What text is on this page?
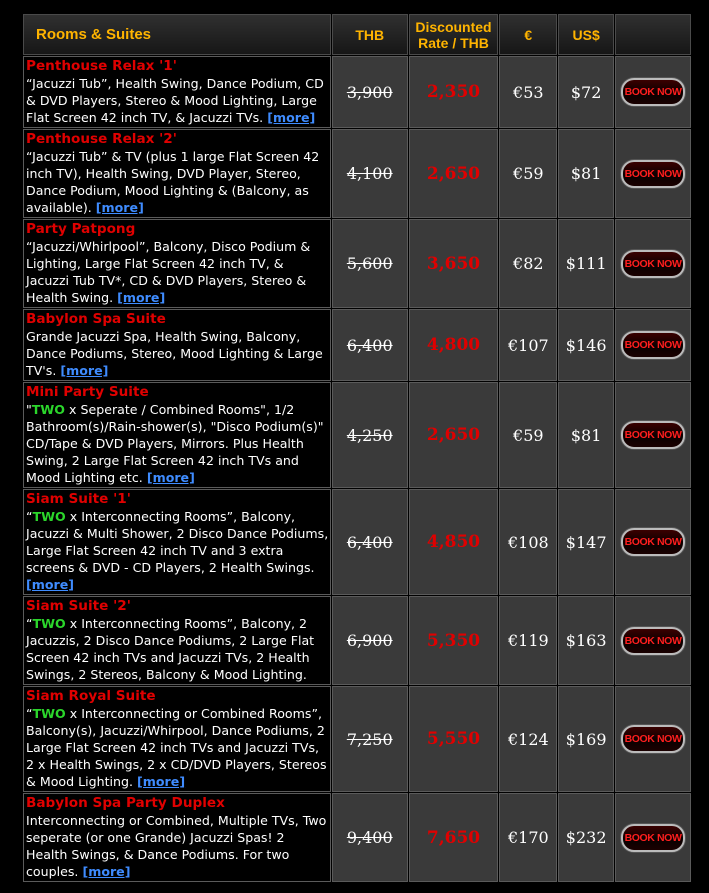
Rooms & Suites	THB	Discounted
Rate / THB	€	US$	

Penthouse Relax '1'
“Jacuzzi Tub”, Health Swing, Dance Podium, CD & DVD Players, Stereo & Mood Lighting, Large Flat Screen 42 inch TV, & Jacuzzi TVs. [more]	3,900	2,350	€53	$72	BOOK NOW

Penthouse Relax '2'
“Jacuzzi Tub” & TV (plus 1 large Flat Screen 42 inch TV), Health Swing, DVD Player, Stereo, Dance Podium, Mood Lighting & (Balcony, as available). [more]	4,100	2,650	€59	$81	BOOK NOW

Party Patpong
“Jacuzzi/Whirlpool”, Balcony, Disco Podium & Lighting, Large Flat Screen 42 inch TV, & Jacuzzi Tub TV*, CD & DVD Players, Stereo & Health Swing. [more]	5,600	3,650	€82	$111	BOOK NOW

Babylon Spa Suite
Grande Jacuzzi Spa, Health Swing, Balcony, Dance Podiums, Stereo, Mood Lighting & Large TV's. [more]	6,400	4,800	€107	$146	BOOK NOW

Mini Party Suite
"TWO x Seperate / Combined Rooms", 1/2 Bathroom(s)/Rain-shower(s), "Disco Podium(s)" CD/Tape & DVD Players, Mirrors. Plus Health Swing, 2 Large Flat Screen 42 inch TVs and Mood Lighting etc. [more]	4,250	2,650	€59	$81	BOOK NOW

Siam Suite '1'
“TWO x Interconnecting Rooms”, Balcony, Jacuzzi & Multi Shower, 2 Disco Dance Podiums, Large Flat Screen 42 inch TV and 3 extra screens & DVD - CD Players, 2 Health Swings. [more]	6,400	4,850	€108	$147	BOOK NOW

Siam Suite '2'
“TWO x Interconnecting Rooms”, Balcony, 2 Jacuzzis, 2 Disco Dance Podiums, 2 Large Flat Screen 42 inch TVs and Jacuzzi TVs, 2 Health Swings, 2 Stereos, Balcony & Mood Lighting.	6,900	5,350	€119	$163	BOOK NOW

Siam Royal Suite
“TWO x Interconnecting or Combined Rooms”, Balcony(s), Jacuzzi/Whirpool, Dance Podiums, 2 Large Flat Screen 42 inch TVs and Jacuzzi TVs, 2 x Health Swings, 2 x CD/DVD Players, Stereos & Mood Lighting. [more]	7,250	5,550	€124	$169	BOOK NOW

Babylon Spa Party Duplex
Interconnecting or Combined, Multiple TVs, Two seperate (or one Grande) Jacuzzi Spas! 2 Health Swings, & Dance Podiums. For two couples. [more]	9,400	7,650	€170	$232	BOOK NOW
